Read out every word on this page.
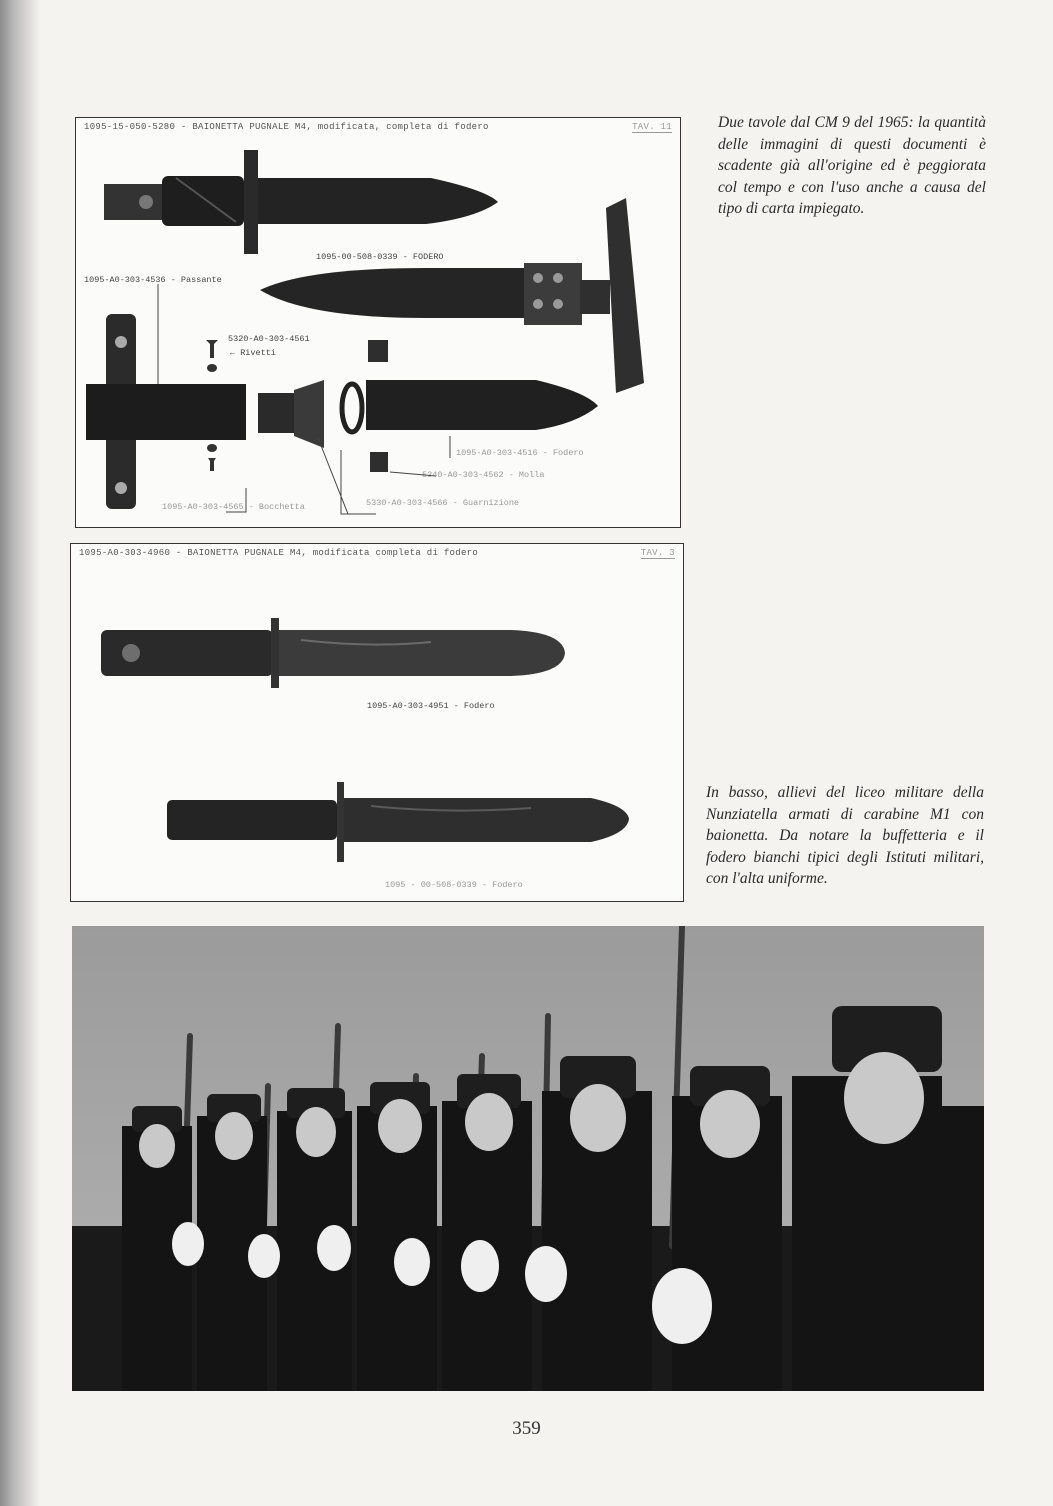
1095-15-050-5280 - BAIONETTA PUGNALE M4, modificata, completa di fodero	TAV. 11
1095-00-508-0339 - FODERO
1095-A0-303-4536 - Passante
5320-A0-303-4561
← Rivetti
1095-A0-303-4516 - Fodero
5340-A0-303-4562 - Molla
1095-A0-303-4565 - Bocchetta	5330-A0-303-4566 - Guarnizione
1095-A0-303-4960 - BAIONETTA PUGNALE M4, modificata completa di fodero	TAV. 3
1095-A0-303-4951 - Fodero
1095 - 00-508-0339 - Fodero
Due tavole dal CM 9 del 1965: la quantità delle immagini di questi documenti è scadente già all'origine ed è peggiorata col tempo e con l'uso anche a causa del tipo di carta impiegato.
In basso, allievi del liceo militare della Nunziatella armati di carabine M1 con baionetta. Da notare la buffetteria e il fodero bianchi tipici degli Istituti militari, con l'alta uniforme.
359
